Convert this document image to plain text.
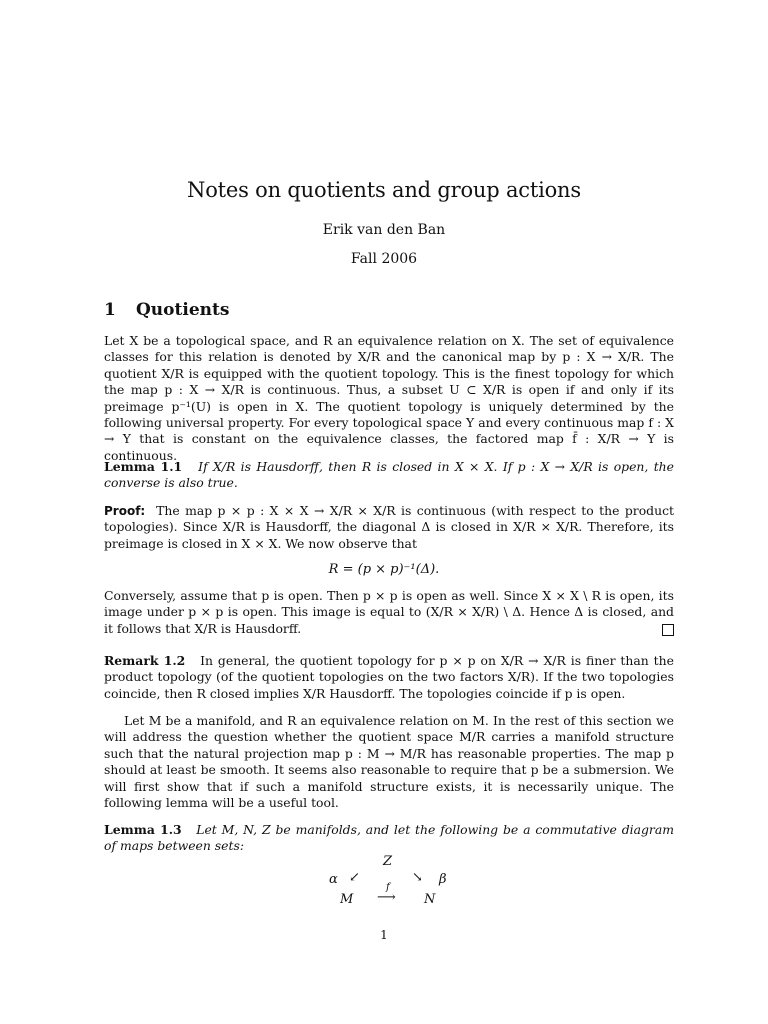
Notes on quotients and group actions
Erik van den Ban
Fall 2006
1 Quotients

Let X be a topological space, and R an equivalence relation on X. The set of equivalence classes for this relation is denoted by X/R and the canonical map by p : X → X/R. The quotient X/R is equipped with the quotient topology. This is the finest topology for which the map p : X → X/R is continuous. Thus, a subset U ⊂ X/R is open if and only if its preimage p⁻¹(U) is open in X. The quotient topology is uniquely determined by the following universal property. For every topological space Y and every continuous map f : X → Y that is constant on the equivalence classes, the factored map f̄ : X/R → Y is continuous.

Lemma 1.1 If X/R is Hausdorff, then R is closed in X × X. If p : X → X/R is open, the converse is also true.

Proof: The map p × p : X × X → X/R × X/R is continuous (with respect to the product topologies). Since X/R is Hausdorff, the diagonal Δ is closed in X/R × X/R. Therefore, its preimage is closed in X × X. We now observe that

R = (p × p)⁻¹(Δ).

Conversely, assume that p is open. Then p × p is open as well. Since X × X \ R is open, its image under p × p is open. This image is equal to (X/R × X/R) \ Δ. Hence Δ is closed, and it follows that X/R is Hausdorff.

Remark 1.2 In general, the quotient topology for p × p on X/R → X/R is finer than the product topology (of the quotient topologies on the two factors X/R). If the two topologies coincide, then R closed implies X/R Hausdorff. The topologies coincide if p is open.

Let M be a manifold, and R an equivalence relation on M. In the rest of this section we will address the question whether the quotient space M/R carries a manifold structure such that the natural projection map p : M → M/R has reasonable properties. The map p should at least be smooth. It seems also reasonable to require that p be a submersion. We will first show that if such a manifold structure exists, it is necessarily unique. The following lemma will be a useful tool.

Lemma 1.3 Let M, N, Z be manifolds, and let the following be a commutative diagram of maps between sets:

Z
α ↙	↘ β
M
f
⟶ N
1
